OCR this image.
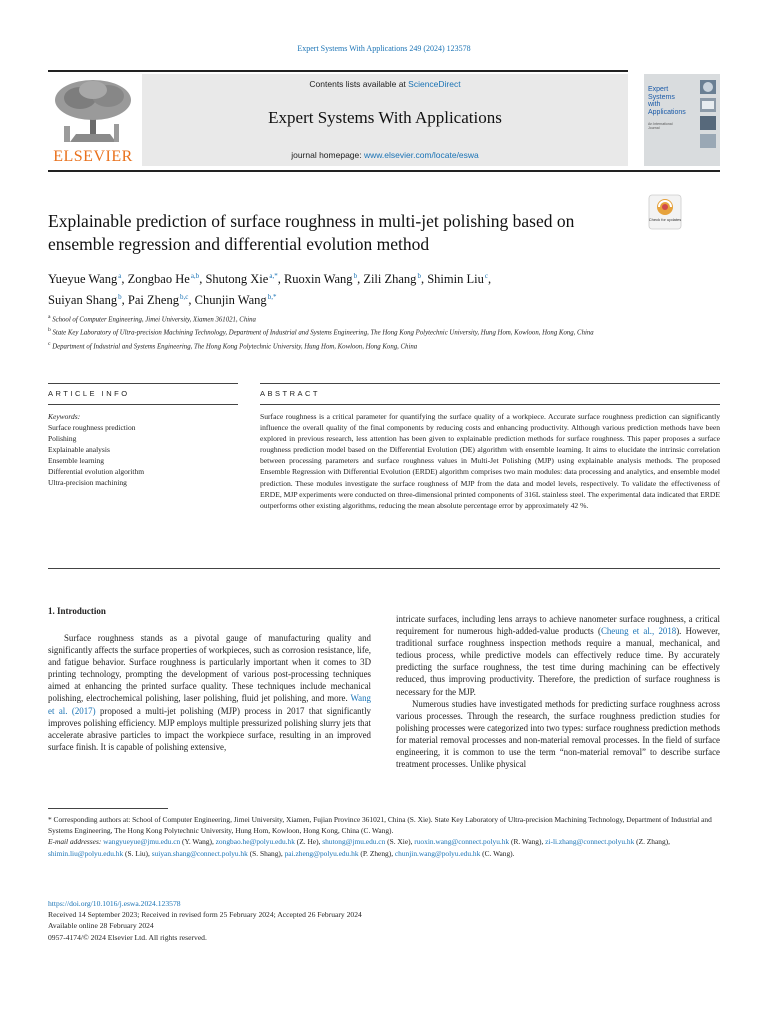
Expert Systems With Applications 249 (2024) 123578
ELSEVIER
Contents lists available at ScienceDirect
Expert Systems With Applications
journal homepage: www.elsevier.com/locate/eswa
Expert
Systems
with
Applications
An International Journal
Explainable prediction of surface roughness in multi-jet polishing based on ensemble regression and differential evolution method
Check for updates
Yueyue Wang $^a$, Zongbao He $^{a,b}$, Shutong Xie $^{a,*}$, Ruoxin Wang $^b$, Zili Zhang $^b$, Shimin Liu $^c$,
Suiyan Shang $^b$, Pai Zheng $^{b,c}$, Chunjin Wang $^{b,*}$
$^a$ School of Computer Engineering, Jimei University, Xiamen 361021, China
$^b$ State Key Laboratory of Ultra-precision Machining Technology, Department of Industrial and Systems Engineering, The Hong Kong Polytechnic University, Hung Hom, Kowloon, Hong Kong, China
$^c$ Department of Industrial and Systems Engineering, The Hong Kong Polytechnic University, Hung Hom, Kowloon, Hong Kong, China
ARTICLE INFO	ABSTRACT
Keywords:
Surface roughness prediction
Polishing
Explainable analysis
Ensemble learning
Differential evolution algorithm
Ultra-precision machining
Surface roughness is a critical parameter for quantifying the surface quality of a workpiece. Accurate surface roughness prediction can significantly influence the overall quality of the final components by reducing costs and enhancing productivity. Although various prediction methods have been explored in previous research, less attention has been given to explainable prediction methods for surface roughness. This paper proposes a surface roughness prediction model based on the Differential Evolution (DE) algorithm with ensemble learning. It aims to elucidate the intrinsic correlation between processing parameters and surface roughness values in Multi-Jet Polishing (MJP) using explainable analysis methods. The proposed Ensemble Regression with Differential Evolution (ERDE) algorithm comprises two main modules: data processing and analytics, and ensemble model prediction. These modules investigate the surface roughness of MJP from the data and model levels, respectively. To validate the effectiveness of ERDE, MJP experiments were conducted on three-dimensional printed components of 316L stainless steel. The experimental data indicated that ERDE outperforms other existing algorithms, reducing the mean absolute percentage error by approximately 42 %.
1. Introduction

Surface roughness stands as a pivotal gauge of manufacturing quality and significantly affects the surface properties of workpieces, such as corrosion resistance, life, and fatigue behavior. Surface roughness is particularly important when it comes to 3D printing technology, prompting the development of various post-processing techniques aimed at enhancing the printed surface quality. These techniques include mechanical polishing, electrochemical polishing, laser polishing, fluid jet polishing, and more. Wang et al. (2017) proposed a multi-jet polishing (MJP) process in 2017 that significantly improves polishing efficiency. MJP employs multiple pressurized polishing slurry jets that accelerate abrasive particles to impact the workpiece surface, resulting in an improved surface finish. It is capable of polishing extensive,

intricate surfaces, including lens arrays to achieve nanometer surface roughness, a critical requirement for numerous high-added-value products (Cheung et al., 2018). However, traditional surface roughness inspection methods require a manual, mechanical, and tedious process, while predictive models can effectively reduce time. By accurately predicting the surface roughness, the test time during machining can be effectively reduced, thus improving productivity. Therefore, the prediction of surface roughness is necessary for the MJP.

Numerous studies have investigated methods for predicting surface roughness across various processes. Through the research, the surface roughness prediction studies for polishing processes were categorized into two types: surface roughness prediction methods for material removal processes and non-material removal processes. In the field of surface engineering, it is common to use the term “non-material removal” to describe surface treatment processes. Unlike physical

* Corresponding authors at: School of Computer Engineering, Jimei University, Xiamen, Fujian Province 361021, China (S. Xie). State Key Laboratory of Ultra-precision Machining Technology, Department of Industrial and Systems Engineering, The Hong Kong Polytechnic University, Hung Hom, Kowloon, Hong Kong, China (C. Wang).
E-mail addresses: wangyueyue@jmu.edu.cn (Y. Wang), zongbao.he@polyu.edu.hk (Z. He), shutong@jmu.edu.cn (S. Xie), ruoxin.wang@connect.polyu.hk (R. Wang), zi-li.zhang@connect.polyu.hk (Z. Zhang), shimin.liu@polyu.edu.hk (S. Liu), suiyan.shang@connect.polyu.hk (S. Shang), pai.zheng@polyu.edu.hk (P. Zheng), chunjin.wang@polyu.edu.hk (C. Wang).
https://doi.org/10.1016/j.eswa.2024.123578
Received 14 September 2023; Received in revised form 25 February 2024; Accepted 26 February 2024
Available online 28 February 2024
0957-4174/© 2024 Elsevier Ltd. All rights reserved.
